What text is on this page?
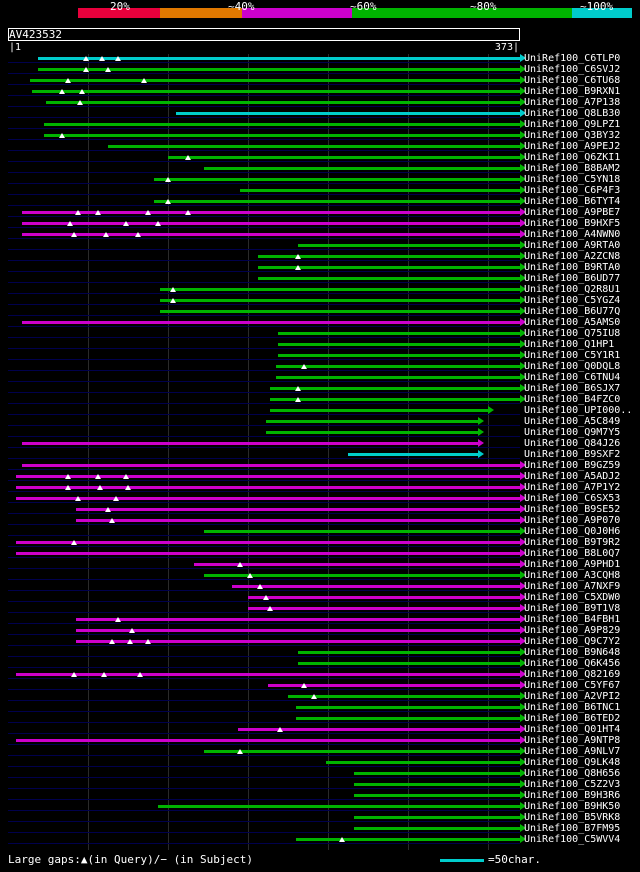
20%	~40%	~60%	~80%	~100%
AV423532
|1	373|
UniRef100_C6TLP0
UniRef100_C6SVJ2
UniRef100_C6TU68
UniRef100_B9RXN1
UniRef100_A7P138
UniRef100_Q8LB30
UniRef100_Q9LPZ1
UniRef100_Q3BY32
UniRef100_A9PEJ2
UniRef100_Q6ZKI1
UniRef100_B8BAM2
UniRef100_C5YN18
UniRef100_C6P4F3
UniRef100_B6TYT4
UniRef100_A9PBE7
UniRef100_B9HXF5
UniRef100_A4NWN0
UniRef100_A9RTA0
UniRef100_A2ZCN8
UniRef100_B9RTA0
UniRef100_B6UD77
UniRef100_Q2R8U1
UniRef100_C5YGZ4
UniRef100_B6U77Q
UniRef100_A5AMS0
UniRef100_Q75IU8
UniRef100_Q1HP1
UniRef100_C5Y1R1
UniRef100_Q0DQL8
UniRef100_C6TNU4
UniRef100_B6SJX7
UniRef100_B4FZC0
UniRef100_UPI000..
UniRef100_A5C849
UniRef100_Q9M7Y5
UniRef100_Q84J26
UniRef100_B9SXF2
UniRef100_B9GZ59
UniRef100_A5ADJ2
UniRef100_A7P1Y2
UniRef100_C6SX53
UniRef100_B9SE52
UniRef100_A9P070
UniRef100_Q0J0H6
UniRef100_B9T9R2
UniRef100_B8L0Q7
UniRef100_A9PHD1
UniRef100_A3CQH8
UniRef100_A7NXF9
UniRef100_C5XDW0
UniRef100_B9T1V8
UniRef100_B4FBH1
UniRef100_A9P829
UniRef100_Q9C7Y2
UniRef100_B9N648
UniRef100_Q6K456
UniRef100_Q82169
UniRef100_C5YF67
UniRef100_A2VPI2
UniRef100_B6TNC1
UniRef100_B6TED2
UniRef100_Q01HT4
UniRef100_A9NTP8
UniRef100_A9NLV7
UniRef100_Q9LK48
UniRef100_Q8H656
UniRef100_C5Z2V3
UniRef100_B9H3R6
UniRef100_B9HK50
UniRef100_B5VRK8
UniRef100_B7FM95
UniRef100_C5WVV4
Large gaps:▲(in Query)/− (in Subject)	=50char.
